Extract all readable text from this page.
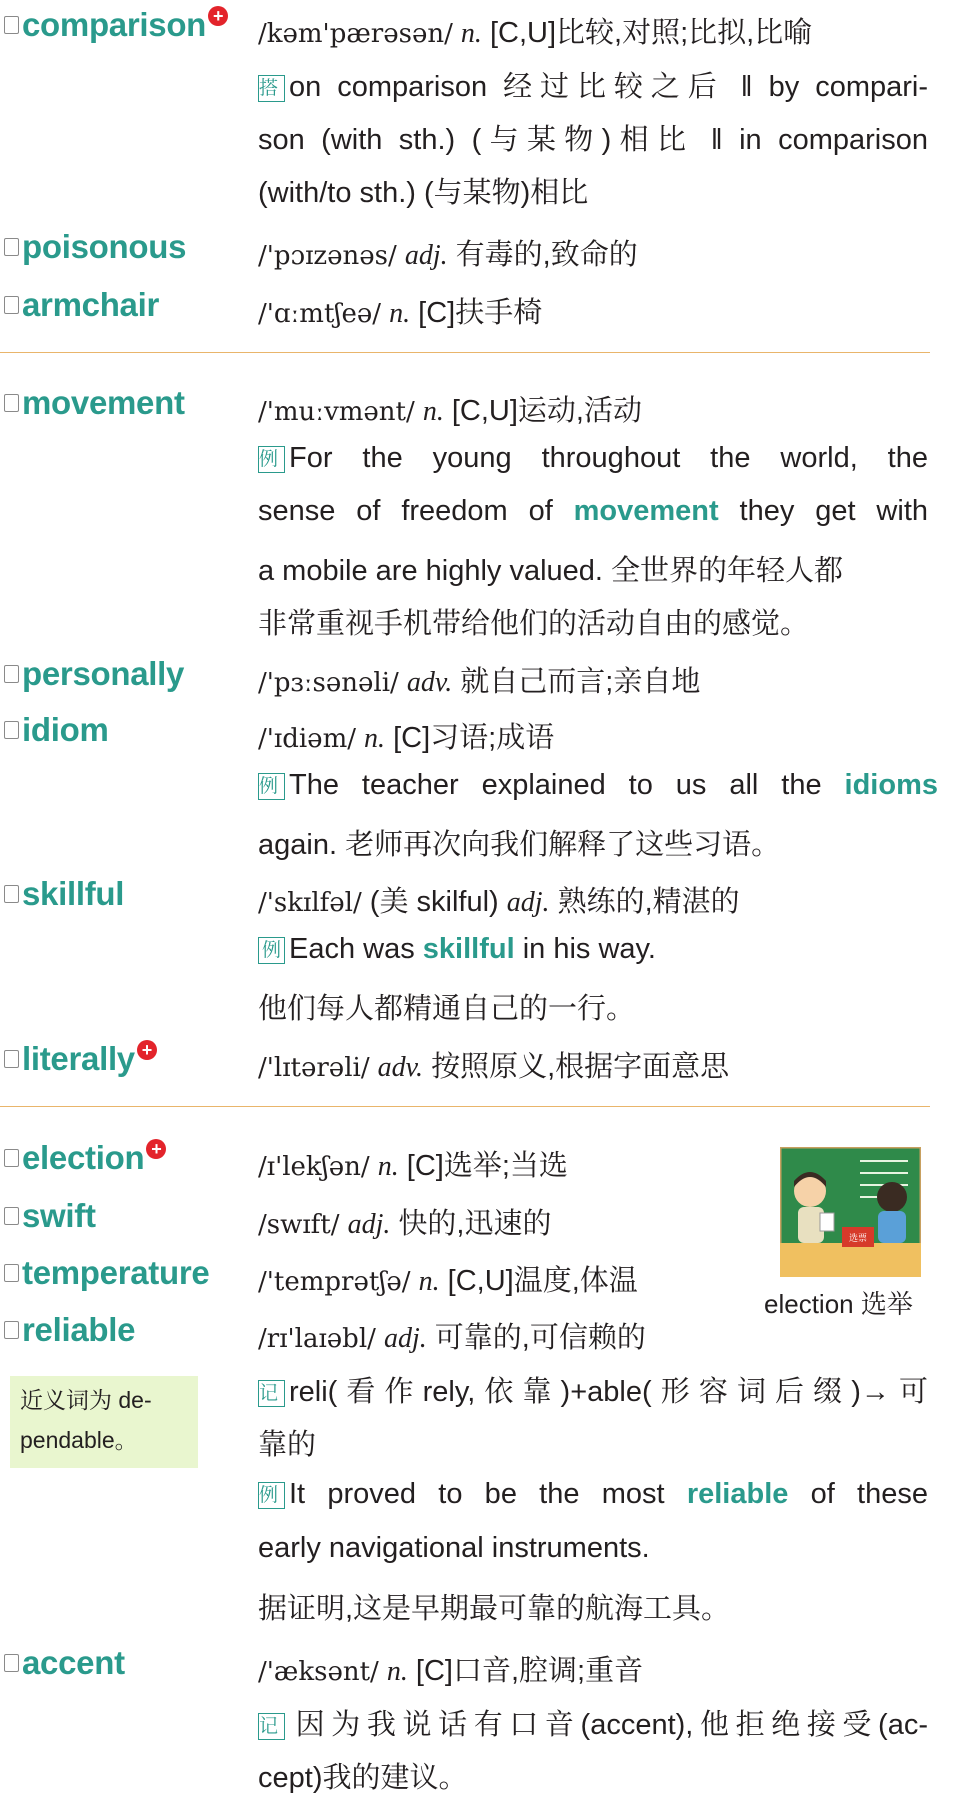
comparison +
/kəm'pærəsən/ n. [C,U]比较,对照;比拟,比喻
搭 on comparison 经过比较之后 ‖ by compari-
son (with sth.) (与某物)相比 ‖ in comparison
(with/to sth.) (与某物)相比
poisonous	/'pɔɪzənəs/ adj. 有毒的,致命的
armchair	/'ɑːmtʃeə/ n. [C]扶手椅
movement	/'muːvmənt/ n. [C,U]运动,活动
例 For the young throughout the world, the
sense of freedom of movement they get with
a mobile are highly valued. 全世界的年轻人都
非常重视手机带给他们的活动自由的感觉。
personally	/'pɜːsənəli/ adv. 就自己而言;亲自地
idiom	/'ɪdiəm/ n. [C]习语;成语
例 The teacher explained to us all the idioms
again. 老师再次向我们解释了这些习语。
skillful	/'skɪlfəl/ (美 skilful) adj. 熟练的,精湛的
例 Each was skillful in his way.
他们每人都精通自己的一行。
literally +
/'lɪtərəli/ adv. 按照原义,根据字面意思
election +
/ɪ'lekʃən/ n. [C]选举;当选
swift	/swɪft/ adj. 快的,迅速的
temperature /'temprətʃə/ n. [C,U]温度,体温
reliable	/rɪ'laɪəbl/ adj. 可靠的,可信赖的
记 reli(看作rely,依靠)+able(形容词后缀)→可
靠的
例 It proved to be the most reliable of these
early navigational instruments.
据证明,这是早期最可靠的航海工具。
近义词为 de-
pendable。
accent	/'æksənt/ n. [C]口音,腔调;重音
记 因为我说话有口音(accent),他拒绝接受(ac-
cept)我的建议。
选票
election 选举
